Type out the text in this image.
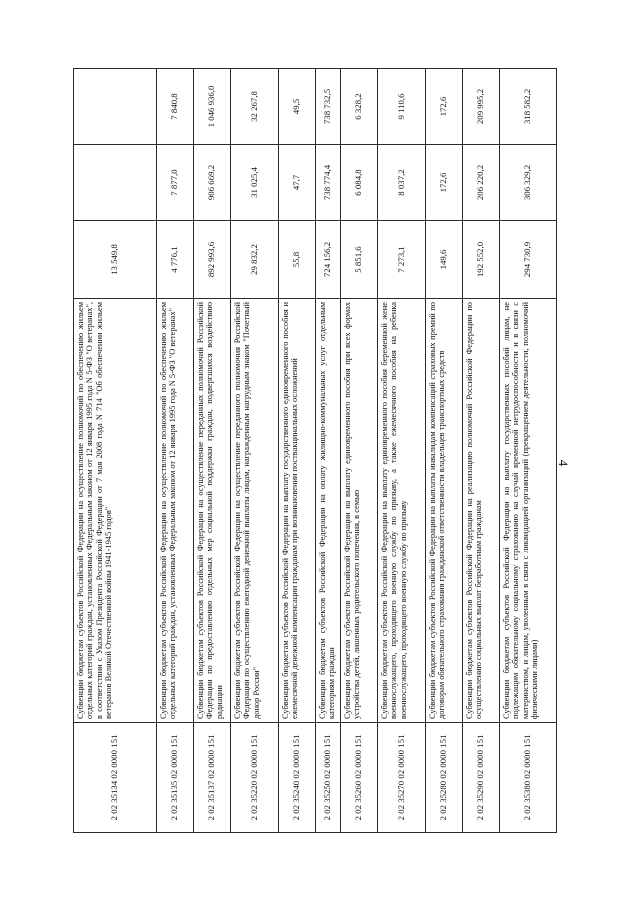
4
2 02 35134 02 0000 151	Субвенции бюджетам субъектов Российской Федерации на осуществление полномочий по обеспечению жильем отдельных категорий граждан, установленных Федеральным законом от 12 января 1995 года N 5-ФЗ "О ветеранах", в соответствии с Указом Президента Российской Федерации от 7 мая 2008 года N 714 "Об обеспечении жильем ветеранов Великой Отечественной войны 1941-1945 годов"	13 549,8		
2 02 35135 02 0000 151	Субвенции бюджетам субъектов Российской Федерации на осуществление полномочий по обеспечению жильем отдельных категорий граждан, установленных Федеральным законом от 12 января 1995 года N 5-ФЗ "О ветеранах"	4 776,1	7 877,0	7 840,8
2 02 35137 02 0000 151	Субвенции бюджетам субъектов Российской Федерации на осуществление переданных полномочий Российской Федерации по предоставлению отдельных мер социальной поддержки граждан, подвергшихся воздействию радиации	892 993,6	906 669,2	1 046 936,0
2 02 35220 02 0000 151	Субвенции бюджетам субъектов Российской Федерации на осуществление переданного полномочия Российской Федерации по осуществлению ежегодной денежной выплаты лицам, награжденным нагрудным знаком "Почетный донор России"	29 832,2	31 025,4	32 267,8
2 02 35240 02 0000 151	Субвенции бюджетам субъектов Российской Федерации на выплату государственного единовременного пособия и ежемесячной денежной компенсации гражданам при возникновении поствакцинальных осложнений	55,8	47,7	49,5
2 02 35250 02 0000 151	Субвенции бюджетам субъектов Российской Федерации на оплату жилищно-коммунальных услуг отдельным категориям граждан	724 156,2	738 774,4	738 732,5
2 02 35260 02 0000 151	Субвенции бюджетам субъектов Российской Федерации на выплату единовременного пособия при всех формах устройства детей, лишенных родительского попечения, в семью	5 851,6	6 084,8	6 328,2
2 02 35270 02 0000 151	Субвенции бюджетам субъектов Российской Федерации на выплату единовременного пособия беременной жене военнослужащего, проходящего военную службу по призыву, а также ежемесячного пособия на ребенка военнослужащего, проходящего военную службу по призыву	7 273,1	8 037,2	9 110,6
2 02 35280 02 0000 151	Субвенции бюджетам субъектов Российской Федерации на выплаты инвалидам компенсаций страховых премий по договорам обязательного страхования гражданской ответственности владельцев транспортных средств	149,6	172,6	172,6
2 02 35290 02 0000 151	Субвенции бюджетам субъектов Российской Федерации на реализацию полномочий Российской Федерации по осуществлению социальных выплат безработным гражданам	192 552,0	206 220,2	209 995,2
2 02 35380 02 0000 151	Субвенции бюджетам субъектов Российской Федерации на выплату государственных пособий лицам, не подлежащим обязательному социальному страхованию на случай временной нетрудоспособности и в связи с материнством, и лицам, уволенным в связи с ликвидацией организаций (прекращением деятельности, полномочий физическими лицами)	294 730,9	306 329,2	318 582,2
